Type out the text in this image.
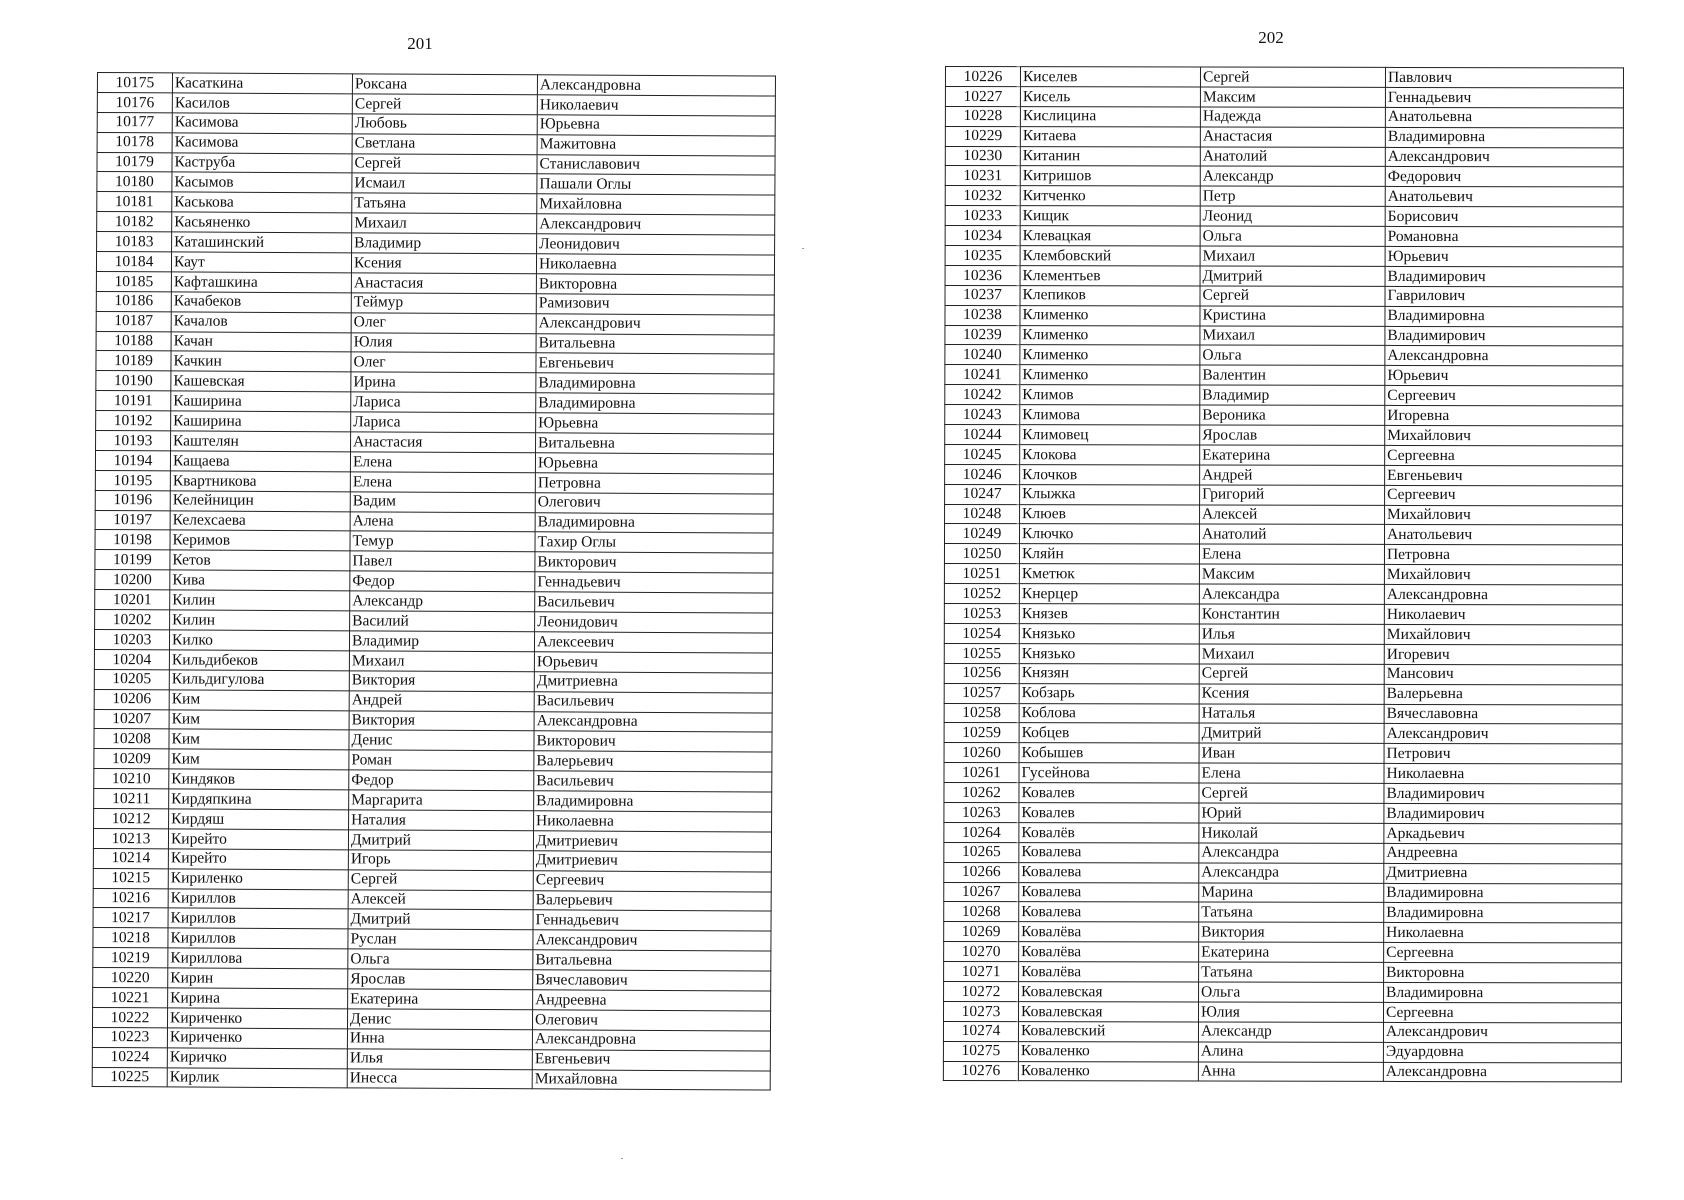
201
10175	Касаткина	Роксана	Александровна
10176	Касилов	Сергей	Николаевич
10177	Касимова	Любовь	Юрьевна
10178	Касимова	Светлана	Мажитовна
10179	Каструба	Сергей	Станиславович
10180	Касымов	Исмаил	Пашали Оглы
10181	Каськова	Татьяна	Михайловна
10182	Касьяненко	Михаил	Александрович
10183	Каташинский	Владимир	Леонидович
10184	Каут	Ксения	Николаевна
10185	Кафташкина	Анастасия	Викторовна
10186	Качабеков	Теймур	Рамизович
10187	Качалов	Олег	Александрович
10188	Качан	Юлия	Витальевна
10189	Качкин	Олег	Евгеньевич
10190	Кашевская	Ирина	Владимировна
10191	Каширина	Лариса	Владимировна
10192	Каширина	Лариса	Юрьевна
10193	Каштелян	Анастасия	Витальевна
10194	Кащаева	Елена	Юрьевна
10195	Квартникова	Елена	Петровна
10196	Келейницин	Вадим	Олегович
10197	Келехсаева	Алена	Владимировна
10198	Керимов	Темур	Тахир Оглы
10199	Кетов	Павел	Викторович
10200	Кива	Федор	Геннадьевич
10201	Килин	Александр	Васильевич
10202	Килин	Василий	Леонидович
10203	Килко	Владимир	Алексеевич
10204	Кильдибеков	Михаил	Юрьевич
10205	Кильдигулова	Виктория	Дмитриевна
10206	Ким	Андрей	Васильевич
10207	Ким	Виктория	Александровна
10208	Ким	Денис	Викторович
10209	Ким	Роман	Валерьевич
10210	Киндяков	Федор	Васильевич
10211	Кирдяпкина	Маргарита	Владимировна
10212	Кирдяш	Наталия	Николаевна
10213	Кирейто	Дмитрий	Дмитриевич
10214	Кирейто	Игорь	Дмитриевич
10215	Кириленко	Сергей	Сергеевич
10216	Кириллов	Алексей	Валерьевич
10217	Кириллов	Дмитрий	Геннадьевич
10218	Кириллов	Руслан	Александрович
10219	Кириллова	Ольга	Витальевна
10220	Кирин	Ярослав	Вячеславович
10221	Кирина	Екатерина	Андреевна
10222	Кириченко	Денис	Олегович
10223	Кириченко	Инна	Александровна
10224	Киричко	Илья	Евгеньевич
10225	Кирлик	Инесса	Михайловна
202
10226	Киселев	Сергей	Павлович
10227	Кисель	Максим	Геннадьевич
10228	Кислицина	Надежда	Анатольевна
10229	Китаева	Анастасия	Владимировна
10230	Китанин	Анатолий	Александрович
10231	Китришов	Александр	Федорович
10232	Китченко	Петр	Анатольевич
10233	Кищик	Леонид	Борисович
10234	Клевацкая	Ольга	Романовна
10235	Клембовский	Михаил	Юрьевич
10236	Клементьев	Дмитрий	Владимирович
10237	Клепиков	Сергей	Гаврилович
10238	Клименко	Кристина	Владимировна
10239	Клименко	Михаил	Владимирович
10240	Клименко	Ольга	Александровна
10241	Клименко	Валентин	Юрьевич
10242	Климов	Владимир	Сергеевич
10243	Климова	Вероника	Игоревна
10244	Климовец	Ярослав	Михайлович
10245	Клокова	Екатерина	Сергеевна
10246	Клочков	Андрей	Евгеньевич
10247	Клыжка	Григорий	Сергеевич
10248	Клюев	Алексей	Михайлович
10249	Ключко	Анатолий	Анатольевич
10250	Кляйн	Елена	Петровна
10251	Кметюк	Максим	Михайлович
10252	Кнерцер	Александра	Александровна
10253	Князев	Константин	Николаевич
10254	Князько	Илья	Михайлович
10255	Князько	Михаил	Игоревич
10256	Князян	Сергей	Мансович
10257	Кобзарь	Ксения	Валерьевна
10258	Коблова	Наталья	Вячеславовна
10259	Кобцев	Дмитрий	Александрович
10260	Кобышев	Иван	Петрович
10261	Гусейнова	Елена	Николаевна
10262	Ковалев	Сергей	Владимирович
10263	Ковалев	Юрий	Владимирович
10264	Ковалёв	Николай	Аркадьевич
10265	Ковалева	Александра	Андреевна
10266	Ковалева	Александра	Дмитриевна
10267	Ковалева	Марина	Владимировна
10268	Ковалева	Татьяна	Владимировна
10269	Ковалёва	Виктория	Николаевна
10270	Ковалёва	Екатерина	Сергеевна
10271	Ковалёва	Татьяна	Викторовна
10272	Ковалевская	Ольга	Владимировна
10273	Ковалевская	Юлия	Сергеевна
10274	Ковалевский	Александр	Александрович
10275	Коваленко	Алина	Эдуардовна
10276	Коваленко	Анна	Александровна
